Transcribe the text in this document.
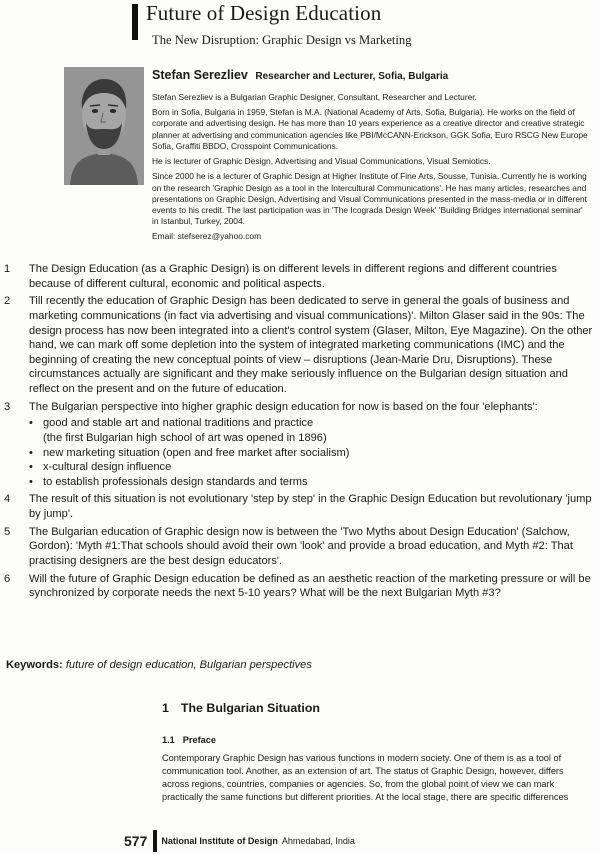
Future of Design Education
The New Disruption: Graphic Design vs Marketing
Stefan Serezliev Researcher and Lecturer, Sofia, Bulgaria

Stefan Serezliev is a Bulgarian Graphic Designer, Consultant, Researcher and Lecturer.

Born in Sofia, Bulgaria in 1959, Stefan is M.A. (National Academy of Arts, Sofia, Bulgaria). He works on the field of corporate and advertising design. He has more than 10 years experience as a creative director and creative strategic planner at advertising and communication agencies like PBI/McCANN-Erickson, GGK Sofia, Euro RSCG New Europe Sofia, Graffiti BBDO, Crosspoint Communications.

He is lecturer of Graphic Design, Advertising and Visual Communications, Visual Semiotics.

Since 2000 he is a lecturer of Graphic Design at Higher Institute of Fine Arts, Sousse, Tunisia. Currently he is working on the research 'Graphic Design as a tool in the Intercultural Communications'. He has many articles, researches and presentations on Graphic Design, Advertising and Visual Communications presented in the mass-media or in different events to his credit. The last participation was in 'The Icograda Design Week' 'Building Bridges international seminar' in Istanbul, Turkey, 2004.

Email: stefserez@yahoo.com

1	The Design Education (as a Graphic Design) is on different levels in different regions and different countries because of different cultural, economic and political aspects.
2	Till recently the education of Graphic Design has been dedicated to serve in general the goals of business and marketing communications (in fact via advertising and visual communications)'. Milton Glaser said in the 90s: The design process has now been integrated into a client's control system (Glaser, Milton, Eye Magazine). On the other hand, we can mark off some depletion into the system of integrated marketing communications (IMC) and the beginning of creating the new conceptual points of view – disruptions (Jean-Marie Dru, Disruptions). These circumstances actually are significant and they make seriously influence on the Bulgarian design situation and reflect on the present and on the future of education.
3	The Bulgarian perspective into higher graphic design education for now is based on the four 'elephants':
• good and stable art and national traditions and practice
(the first Bulgarian high school of art was opened in 1896)
• new marketing situation (open and free market after socialism)
• x-cultural design influence
• to establish professionals design standards and terms
4	The result of this situation is not evolutionary 'step by step' in the Graphic Design Education but revolutionary 'jump by jump'.
5	The Bulgarian education of Graphic design now is between the 'Two Myths about Design Education' (Salchow, Gordon): 'Myth #1:That schools should avoid their own 'look' and provide a broad education, and Myth #2: That practising designers are the best design educators'.
6	Will the future of Graphic Design education be defined as an aesthetic reaction of the marketing pressure or will be synchronized by corporate needs the next 5-10 years? What will be the next Bulgarian Myth #3?
Keywords: future of design education, Bulgarian perspectives
1 The Bulgarian Situation
1.1 Preface
Contemporary Graphic Design has various functions in modern society. One of them is as a tool of communication tool. Another, as an extension of art. The status of Graphic Design, however, differs across regions, countries, companies or agencies. So, from the global point of view we can mark practically the same functions but different priorities. At the local stage, there are specific differences
577 National Institute of Design Ahmedabad, India
